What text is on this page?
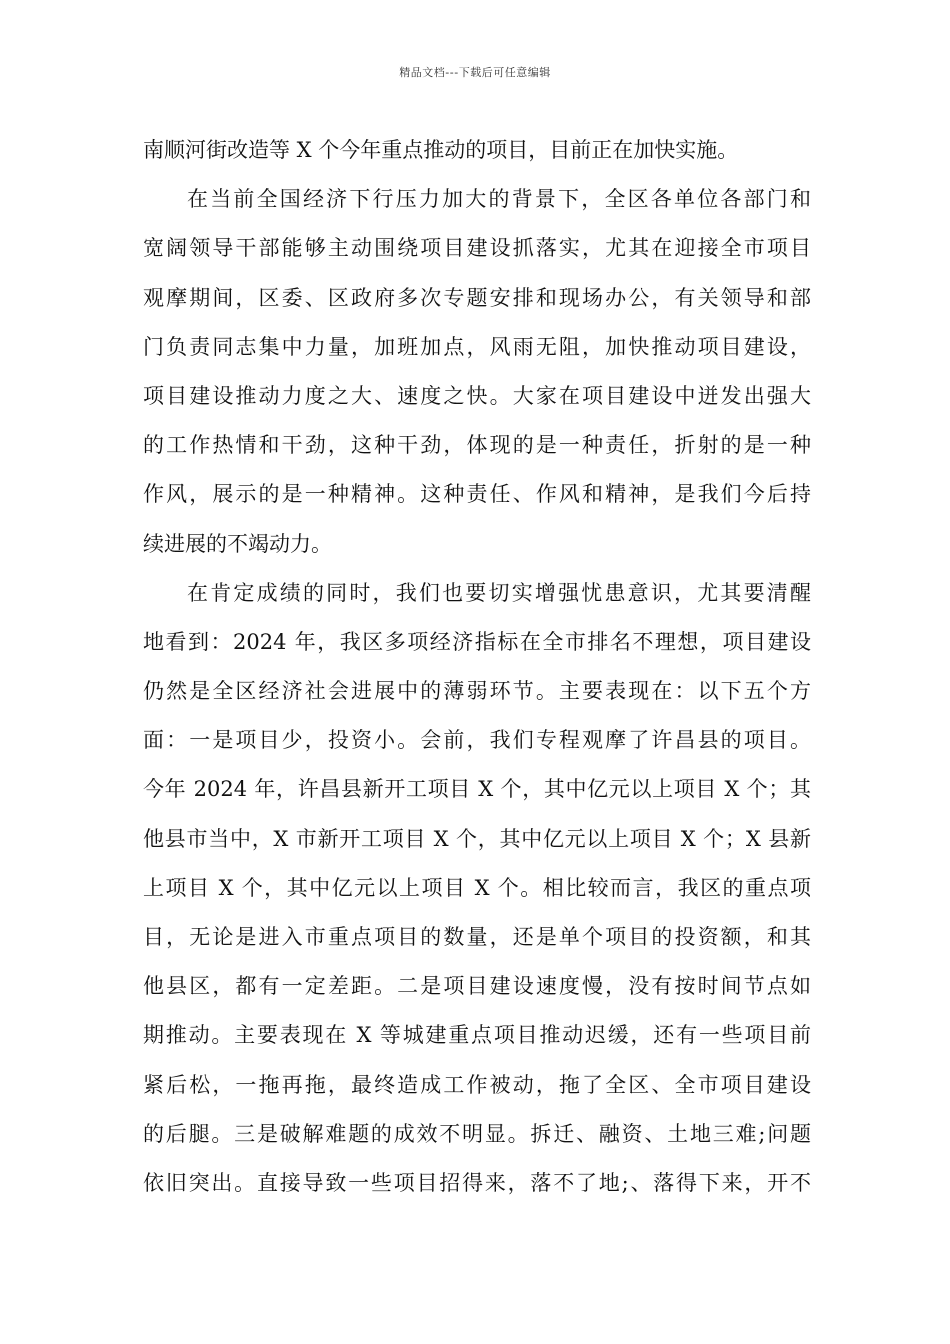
精品文档---下载后可任意编辑
南顺河街改造等 X 个今年重点推动的项目，目前正在加快实施。
在当前全国经济下行压力加大的背景下，全区各单位各部门和
宽阔领导干部能够主动围绕项目建设抓落实，尤其在迎接全市项目
观摩期间，区委、区政府多次专题安排和现场办公，有关领导和部
门负责同志集中力量，加班加点，风雨无阻，加快推动项目建设，
项目建设推动力度之大、速度之快。大家在项目建设中迸发出强大
的工作热情和干劲，这种干劲，体现的是一种责任，折射的是一种
作风，展示的是一种精神。这种责任、作风和精神，是我们今后持
续进展的不竭动力。
在肯定成绩的同时，我们也要切实增强忧患意识，尤其要清醒
地看到：2024 年，我区多项经济指标在全市排名不理想，项目建设
仍然是全区经济社会进展中的薄弱环节。主要表现在：以下五个方
面：一是项目少，投资小。会前，我们专程观摩了许昌县的项目。
今年 2024 年，许昌县新开工项目 X 个，其中亿元以上项目 X 个；其
他县市当中，X 市新开工项目 X 个，其中亿元以上项目 X 个；X 县新
上项目 X 个，其中亿元以上项目 X 个。相比较而言，我区的重点项
目，无论是进入市重点项目的数量，还是单个项目的投资额，和其
他县区，都有一定差距。二是项目建设速度慢，没有按时间节点如
期推动。主要表现在 X 等城建重点项目推动迟缓，还有一些项目前
紧后松，一拖再拖，最终造成工作被动，拖了全区、全市项目建设
的后腿。三是破解难题的成效不明显。拆迁、融资、土地三难;问题
依旧突出。直接导致一些项目招得来，落不了地;、落得下来，开不
